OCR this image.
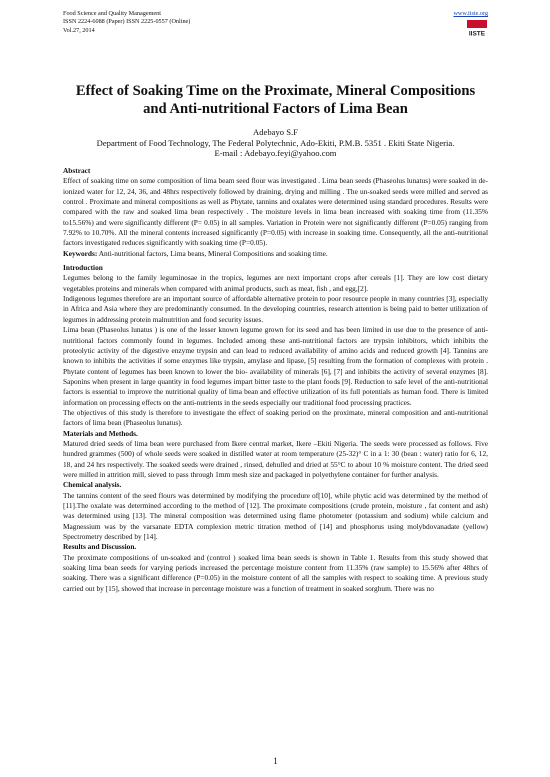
Food Science and Quality Management	www.iiste.org
ISSN 2224-6088 (Paper) ISSN 2225-0557 (Online)
Vol.27, 2014
IISTE
Effect of Soaking Time on the Proximate, Mineral Compositions and Anti-nutritional Factors of Lima Bean
Adebayo S.F
Department of Food Technology, The Federal Polytechnic, Ado-Ekiti, P.M.B. 5351 . Ekiti State Nigeria.
E-mail : Adebayo.feyi@yahoo.com

Abstract

Effect of soaking time on some composition of lima beam seed flour was investigated . Lima bean seeds (Phaseolus lunatus) were soaked in de-ionized water for 12, 24, 36, and 48hrs respectively followed by draining, drying and milling . The un-soaked seeds were milled and served as control . Proximate and mineral compositions as well as Phytate, tannins and oxalates were determined using standard procedures. Results were compared with the raw and soaked lima bean respectively . The moisture levels in lima bean increased with soaking time from (11.35% to15.56%) and were significantly different (P= 0.05) in all samples. Variation in Protein were not significantly different (P=0.05) ranging from 7.92% to 10.70%. All the mineral contents increased significantly (P=0.05) with increase in soaking time. Consequently, all the anti-nutritional factors investigated reduces significantly with soaking time (P=0.05).

Keywords: Anti-nutritional factors, Lima beans, Mineral Compositions and soaking time.

Introduction

Legumes belong to the family leguminosae in the tropics, legumes are next important crops after cereals [1]. They are low cost dietary vegetables proteins and minerals when compared with animal products, such as meat, fish , and egg,[2].

Indigenous legumes therefore are an important source of affordable alternative protein to poor resource people in many countries [3], especially in Africa and Asia where they are predominantly consumed. In the developing countries, research attention is being paid to better utilization of legumes in addressing protein malnutrition and food security issues.

Lima bean (Phaseolus lunatus ) is one of the lesser known legume grown for its seed and has been limited in use due to the presence of anti-nutritional factors commonly found in legumes. Included among these anti-nutritional factors are trypsin inhibitors, which inhibits the proteolytic activity of the digestive enzyme trypsin and can lead to reduced availability of amino acids and reduced growth [4]. Tannins are known to inhibits the activities if some enzymes like trypsin, amylase and lipase, [5] resulting from the formation of complexes with protein . Phytate content of legumes has been known to lower the bio- availability of minerals [6], [7] and inhibits the activity of several enzymes [8]. Saponins when present in large quantity in food legumes impart bitter taste to the plant foods [9]. Reduction to safe level of the anti-nutritional factors is essential to improve the nutritional quality of lima bean and effective utilization of its full potentials as human food. There is limited information on processing effects on the anti-nutrients in the seeds especially our traditional food processing practices.

The objectives of this study is therefore to investigate the effect of soaking period on the proximate, mineral composition and anti-nutritional factors of lima bean (Phaseolus lunatus).

Materials and Methods.

Matured dried seeds of lima bean were purchased from Ikere central market, Ikere –Ekiti Nigeria. The seeds were processed as follows. Five hundred grammes (500) of whole seeds were soaked in distilled water at room temperature (25-32)° C in a 1: 30 (bean : water) ratio for 6, 12, 18, and 24 hrs respectively. The soaked seeds were drained , rinsed, dehulled and dried at 55°C to about 10 % moisture content. The dried seed were milled in attrition mill, sieved to pass through 1mm mesh size and packaged in polyethylene container for further analysis.

Chemical analysis.

The tannins content of the seed flours was determined by modifying the procedure of[10], while phytic acid was determined by the method of [11].The oxalate was determined according to the method of [12]. The proximate compositions (crude protein, moisture , fat content and ash) was determined using [13]. The mineral composition was determined using flame photometer (potassium and sodium) while calcium and Magnessium was by the varsanate EDTA complexion metric titration method of [14] and phosphorus using molybdovanadate (yellow) Spectrometry described by [14].

Results and Discussion.

The proximate compositions of un-soaked and (control ) soaked lima bean seeds is shown in Table 1. Results from this study showed that soaking lima bean seeds for varying periods increased the percentage moisture content from 11.35% (raw sample) to 15.56% after 48hrs of soaking. There was a significant difference (P=0.05) in the moisture content of all the samples with respect to soaking time. A previous study carried out by [15], showed that increase in percentage moisture was a function of treatment in soaked sorghum. There was no

1
